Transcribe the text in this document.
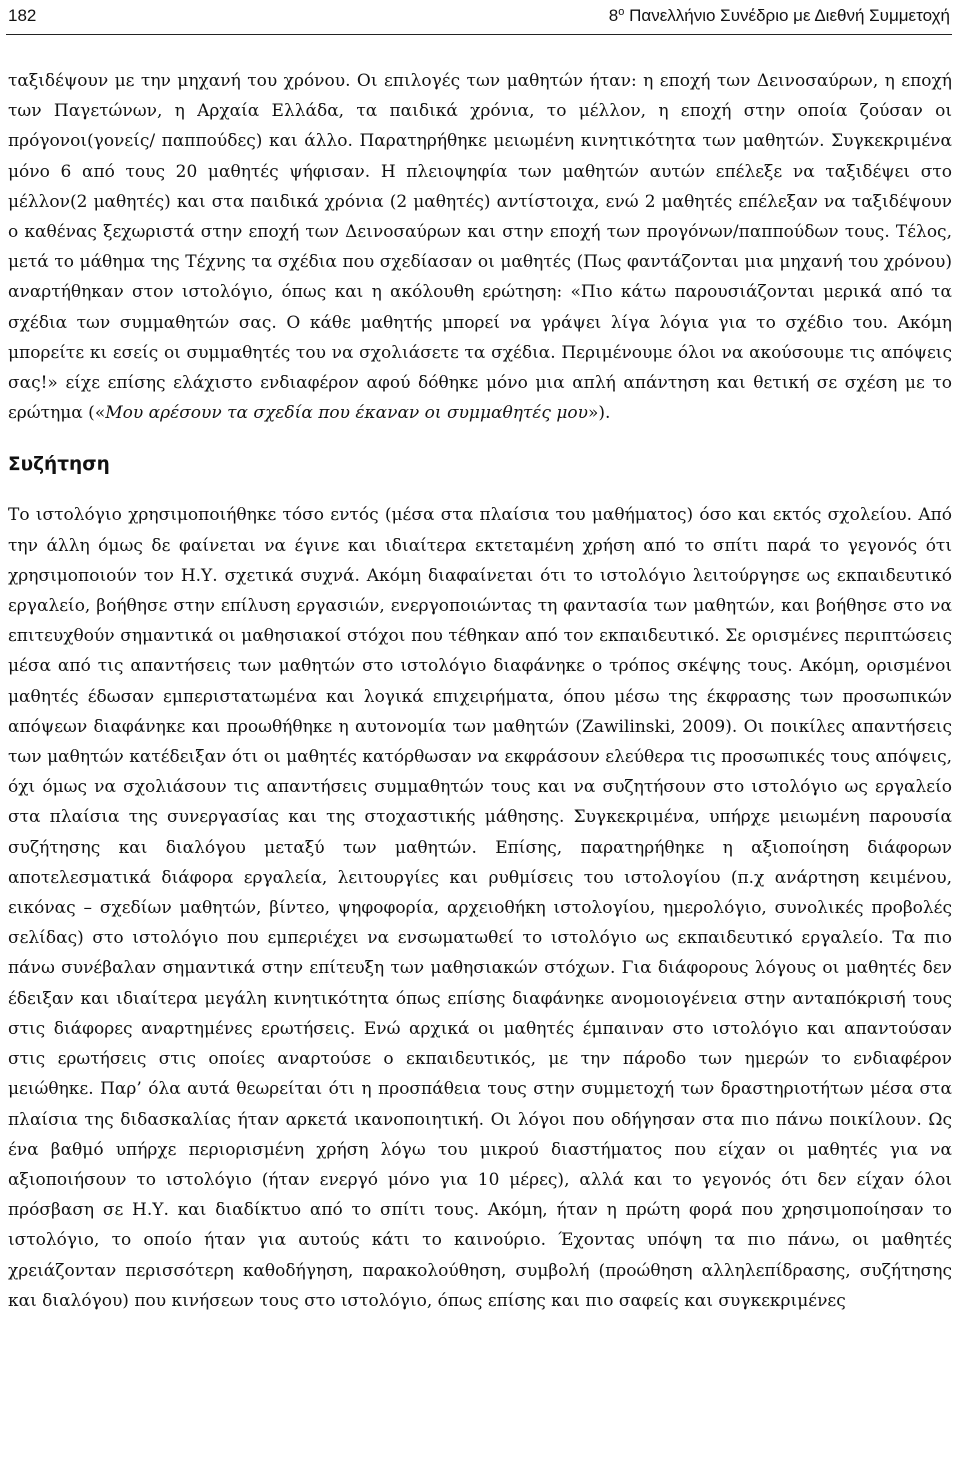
182	$8^o$ Πανελλήνιο Συνέδριο με Διεθνή Συμμετοχή

ταξιδέψουν με την μηχανή του χρόνου. Οι επιλογές των μαθητών ήταν: η εποχή των Δεινοσαύρων, η εποχή των Παγετώνων, η Αρχαία Ελλάδα, τα παιδικά χρόνια, το μέλλον, η εποχή στην οποία ζούσαν οι πρόγονοι(γονείς/ παππούδες) και άλλο. Παρατηρήθηκε μειωμένη κινητικότητα των μαθητών. Συγκεκριμένα μόνο 6 από τους 20 μαθητές ψήφισαν. Η πλειοψηφία των μαθητών αυτών επέλεξε να ταξιδέψει στο μέλλον(2 μαθητές) και στα παιδικά χρόνια (2 μαθητές) αντίστοιχα, ενώ 2 μαθητές επέλεξαν να ταξιδέψουν ο καθένας ξεχωριστά στην εποχή των Δεινοσαύρων και στην εποχή των προγόνων/παππούδων τους. Τέλος, μετά το μάθημα της Τέχνης τα σχέδια που σχεδίασαν οι μαθητές (Πως φαντάζονται μια μηχανή του χρόνου) αναρτήθηκαν στον ιστολόγιο, όπως και η ακόλουθη ερώτηση: «Πιο κάτω παρουσιάζονται μερικά από τα σχέδια των συμμαθητών σας. Ο κάθε μαθητής μπορεί να γράψει λίγα λόγια για το σχέδιο του. Ακόμη μπορείτε κι εσείς οι συμμαθητές του να σχολιάσετε τα σχέδια. Περιμένουμε όλοι να ακούσουμε τις απόψεις σας!» είχε επίσης ελάχιστο ενδιαφέρον αφού δόθηκε μόνο μια απλή απάντηση και θετική σε σχέση με το ερώτημα («Μου αρέσουν τα σχεδία που έκαναν οι συμμαθητές μου»).

Συζήτηση

Το ιστολόγιο χρησιμοποιήθηκε τόσο εντός (μέσα στα πλαίσια του μαθήματος) όσο και εκτός σχολείου. Από την άλλη όμως δε φαίνεται να έγινε και ιδιαίτερα εκτεταμένη χρήση από το σπίτι παρά το γεγονός ότι χρησιμοποιούν τον Η.Υ. σχετικά συχνά. Ακόμη διαφαίνεται ότι το ιστολόγιο λειτούργησε ως εκπαιδευτικό εργαλείο, βοήθησε στην επίλυση εργασιών, ενεργοποιώντας τη φαντασία των μαθητών, και βοήθησε στο να επιτευχθούν σημαντικά οι μαθησιακοί στόχοι που τέθηκαν από τον εκπαιδευτικό. Σε ορισμένες περιπτώσεις μέσα από τις απαντήσεις των μαθητών στο ιστολόγιο διαφάνηκε ο τρόπος σκέψης τους. Ακόμη, ορισμένοι μαθητές έδωσαν εμπεριστατωμένα και λογικά επιχειρήματα, όπου μέσω της έκφρασης των προσωπικών απόψεων διαφάνηκε και προωθήθηκε η αυτονομία των μαθητών (Zawilinski, 2009). Οι ποικίλες απαντήσεις των μαθητών κατέδειξαν ότι οι μαθητές κατόρθωσαν να εκφράσουν ελεύθερα τις προσωπικές τους απόψεις, όχι όμως να σχολιάσουν τις απαντήσεις συμμαθητών τους και να συζητήσουν στο ιστολόγιο ως εργαλείο στα πλαίσια της συνεργασίας και της στοχαστικής μάθησης. Συγκεκριμένα, υπήρχε μειωμένη παρουσία συζήτησης και διαλόγου μεταξύ των μαθητών. Επίσης, παρατηρήθηκε η αξιοποίηση διάφορων αποτελεσματικά διάφορα εργαλεία, λειτουργίες και ρυθμίσεις του ιστολογίου (π.χ ανάρτηση κειμένου, εικόνας – σχεδίων μαθητών, βίντεο, ψηφοφορία, αρχειοθήκη ιστολογίου, ημερολόγιο, συνολικές προβολές σελίδας) στο ιστολόγιο που εμπεριέχει να ενσωματωθεί το ιστολόγιο ως εκπαιδευτικό εργαλείο. Τα πιο πάνω συνέβαλαν σημαντικά στην επίτευξη των μαθησιακών στόχων. Για διάφορους λόγους οι μαθητές δεν έδειξαν και ιδιαίτερα μεγάλη κινητικότητα όπως επίσης διαφάνηκε ανομοιογένεια στην ανταπόκρισή τους στις διάφορες αναρτημένες ερωτήσεις. Ενώ αρχικά οι μαθητές έμπαιναν στο ιστολόγιο και απαντούσαν στις ερωτήσεις στις οποίες αναρτούσε ο εκπαιδευτικός, με την πάροδο των ημερών το ενδιαφέρον μειώθηκε. Παρ’ όλα αυτά θεωρείται ότι η προσπάθεια τους στην συμμετοχή των δραστηριοτήτων μέσα στα πλαίσια της διδασκαλίας ήταν αρκετά ικανοποιητική. Οι λόγοι που οδήγησαν στα πιο πάνω ποικίλουν. Ως ένα βαθμό υπήρχε περιορισμένη χρήση λόγω του μικρού διαστήματος που είχαν οι μαθητές για να αξιοποιήσουν το ιστολόγιο (ήταν ενεργό μόνο για 10 μέρες), αλλά και το γεγονός ότι δεν είχαν όλοι πρόσβαση σε Η.Υ. και διαδίκτυο από το σπίτι τους. Ακόμη, ήταν η πρώτη φορά που χρησιμοποίησαν το ιστολόγιο, το οποίο ήταν για αυτούς κάτι το καινούριο. Έχοντας υπόψη τα πιο πάνω, οι μαθητές χρειάζονταν περισσότερη καθοδήγηση, παρακολούθηση, συμβολή (προώθηση αλληλεπίδρασης, συζήτησης και διαλόγου) που κινήσεων τους στο ιστολόγιο, όπως επίσης και πιο σαφείς και συγκεκριμένες
